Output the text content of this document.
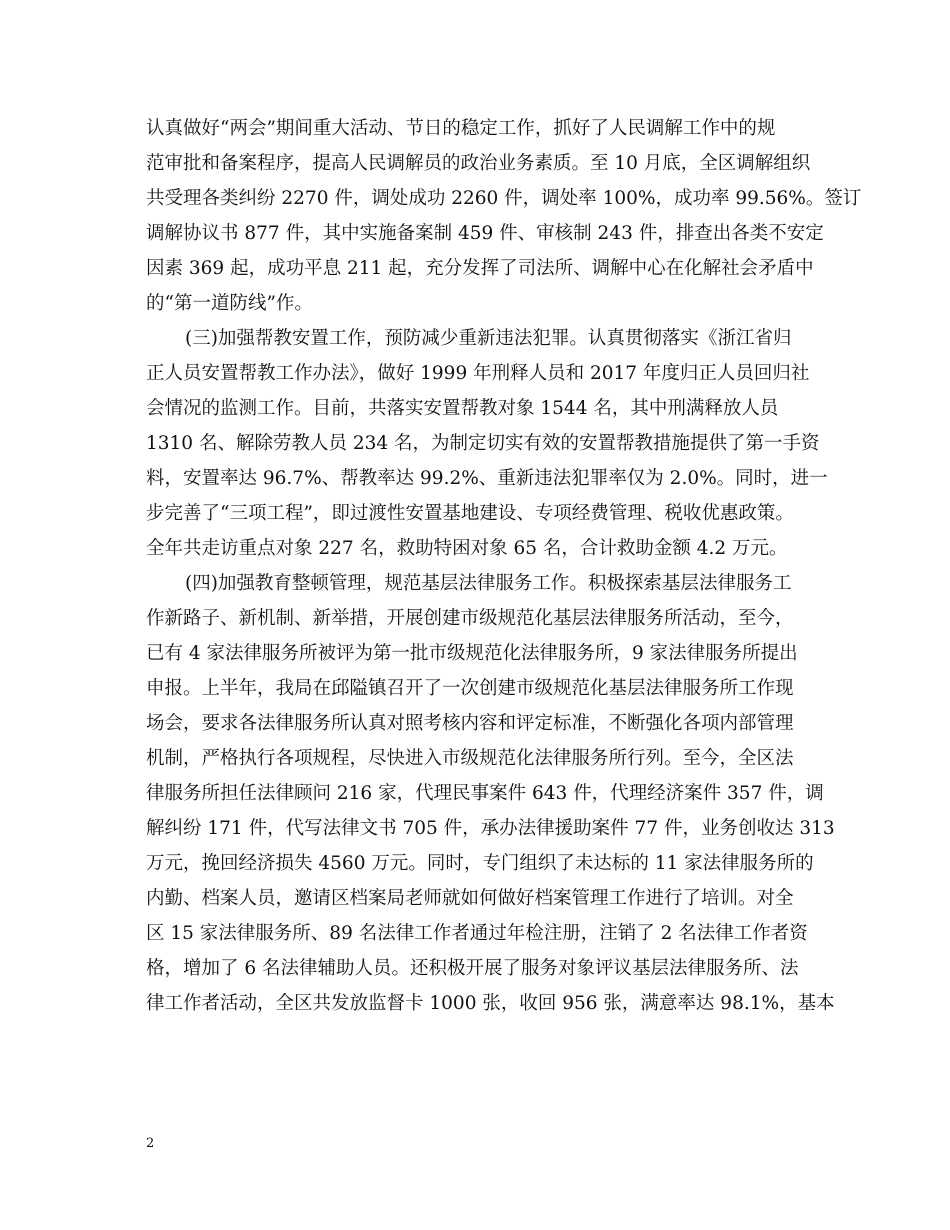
认真做好“两会”期间重大活动、节日的稳定工作，抓好了人民调解工作中的规
范审批和备案程序，提高人民调解员的政治业务素质。至 10 月底，全区调解组织
共受理各类纠纷 2270 件，调处成功 2260 件，调处率 100%，成功率 99.56%。签订
调解协议书 877 件，其中实施备案制 459 件、审核制 243 件，排查出各类不安定
因素 369 起，成功平息 211 起，充分发挥了司法所、调解中心在化解社会矛盾中
的“第一道防线”作。
(三)加强帮教安置工作，预防减少重新违法犯罪。认真贯彻落实《浙江省归
正人员安置帮教工作办法》，做好 1999 年刑释人员和 2017 年度归正人员回归社
会情况的监测工作。目前，共落实安置帮教对象 1544 名，其中刑满释放人员
1310 名、解除劳教人员 234 名，为制定切实有效的安置帮教措施提供了第一手资
料，安置率达 96.7%、帮教率达 99.2%、重新违法犯罪率仅为 2.0%。同时，进一
步完善了“三项工程”，即过渡性安置基地建设、专项经费管理、税收优惠政策。
全年共走访重点对象 227 名，救助特困对象 65 名，合计救助金额 4.2 万元。
(四)加强教育整顿管理，规范基层法律服务工作。积极探索基层法律服务工
作新路子、新机制、新举措，开展创建市级规范化基层法律服务所活动，至今，
已有 4 家法律服务所被评为第一批市级规范化法律服务所，9 家法律服务所提出
申报。上半年，我局在邱隘镇召开了一次创建市级规范化基层法律服务所工作现
场会，要求各法律服务所认真对照考核内容和评定标准，不断强化各项内部管理
机制，严格执行各项规程，尽快进入市级规范化法律服务所行列。至今，全区法
律服务所担任法律顾问 216 家，代理民事案件 643 件，代理经济案件 357 件，调
解纠纷 171 件，代写法律文书 705 件，承办法律援助案件 77 件，业务创收达 313
万元，挽回经济损失 4560 万元。同时，专门组织了未达标的 11 家法律服务所的
内勤、档案人员，邀请区档案局老师就如何做好档案管理工作进行了培训。对全
区 15 家法律服务所、89 名法律工作者通过年检注册，注销了 2 名法律工作者资
格，增加了 6 名法律辅助人员。还积极开展了服务对象评议基层法律服务所、法
律工作者活动，全区共发放监督卡 1000 张，收回 956 张，满意率达 98.1%，基本
2
